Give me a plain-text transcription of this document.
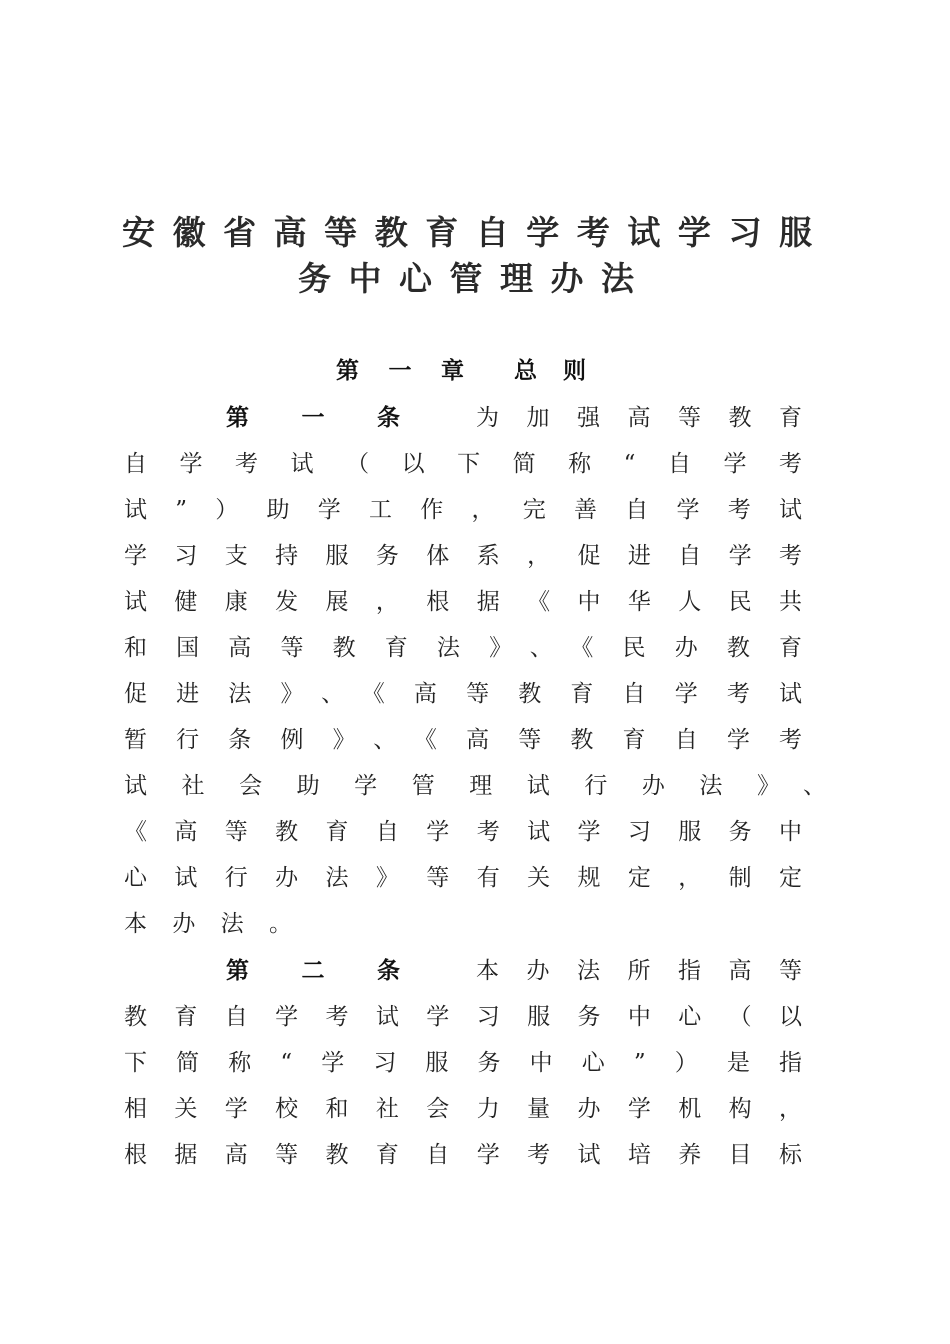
安徽省高等教育自学考试学习服
务中心管理办法
第一章 总则
第一条	为加强高等教育
自学考试（以下简称“自学考
试”）助学工作，完善自学考试
学习支持服务体系，促进自学考
试健康发展，根据《中华人民共
和国高等教育法》、《民办教育
促进法》、《高等教育自学考试
暂行条例》、《高等教育自学考
试社会助学管理试行办法》、
《高等教育自学考试学习服务中
心试行办法》等有关规定，制定
本办法。
第二条	本办法所指高等
教育自学考试学习服务中心（以
下简称“学习服务中心”）是指
相关学校和社会力量办学机构，
根据高等教育自学考试培养目标
